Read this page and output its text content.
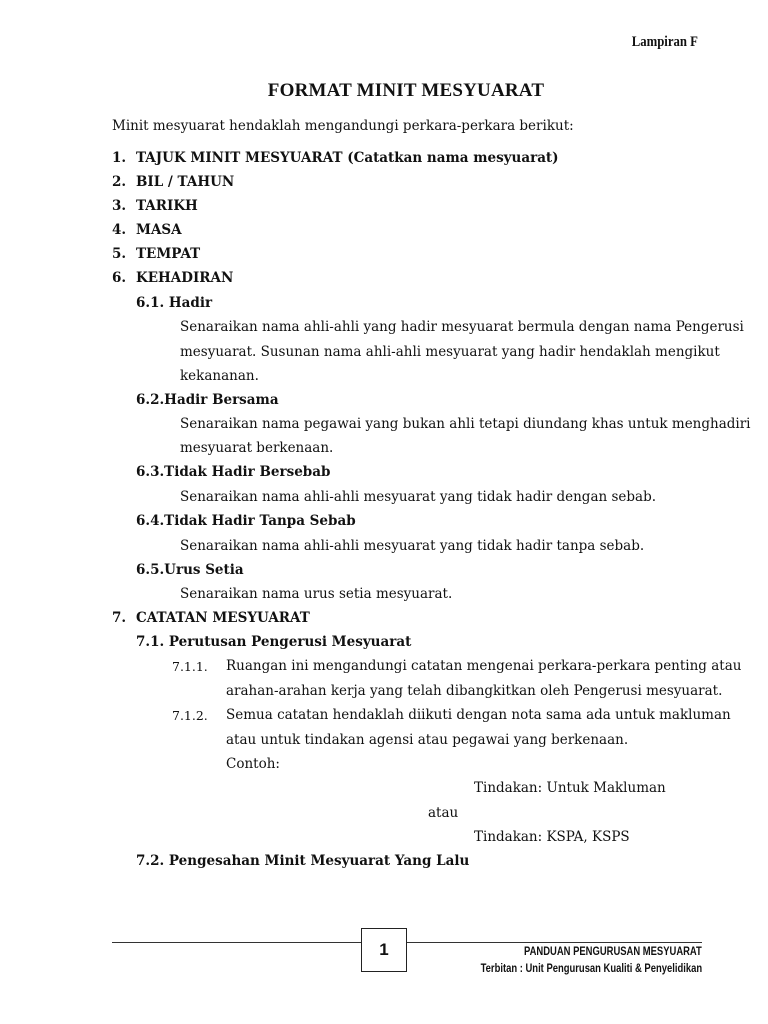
Lampiran F
FORMAT MINIT MESYUARAT
Minit mesyuarat hendaklah mengandungi perkara-perkara berikut:
1. TAJUK MINIT MESYUARAT (Catatkan nama mesyuarat)
2. BIL / TAHUN
3. TARIKH
4. MASA
5. TEMPAT
6. KEHADIRAN
6.1. Hadir
Senaraikan nama ahli-ahli yang hadir mesyuarat bermula dengan nama Pengerusi
mesyuarat. Susunan nama ahli-ahli mesyuarat yang hadir hendaklah mengikut
kekananan.
6.2.Hadir Bersama
Senaraikan nama pegawai yang bukan ahli tetapi diundang khas untuk menghadiri
mesyuarat berkenaan.
6.3.Tidak Hadir Bersebab
Senaraikan nama ahli-ahli mesyuarat yang tidak hadir dengan sebab.
6.4.Tidak Hadir Tanpa Sebab
Senaraikan nama ahli-ahli mesyuarat yang tidak hadir tanpa sebab.
6.5.Urus Setia
Senaraikan nama urus setia mesyuarat.
7. CATATAN MESYUARAT
7.1. Perutusan Pengerusi Mesyuarat
7.1.1. Ruangan ini mengandungi catatan mengenai perkara-perkara penting atau
arahan-arahan kerja yang telah dibangkitkan oleh Pengerusi mesyuarat.
7.1.2. Semua catatan hendaklah diikuti dengan nota sama ada untuk makluman
atau untuk tindakan agensi atau pegawai yang berkenaan.
Contoh:
Tindakan: Untuk Makluman
atau
Tindakan: KSPA, KSPS
7.2. Pengesahan Minit Mesyuarat Yang Lalu
1	PANDUAN PENGURUSAN MESYUARAT
Terbitan : Unit Pengurusan Kualiti & Penyelidikan
